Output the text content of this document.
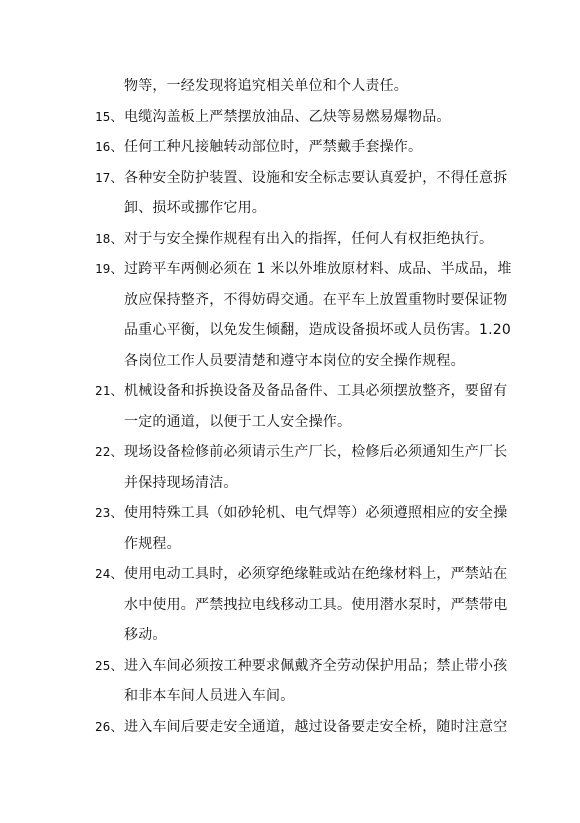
物等，一经发现将追究相关单位和个人责任。
15、 电缆沟盖板上严禁摆放油品、乙炔等易燃易爆物品。
16、 任何工种凡接触转动部位时，严禁戴手套操作。
17、 各种安全防护装置、设施和安全标志要认真爱护，不得任意拆
卸、损坏或挪作它用。
18、 对于与安全操作规程有出入的指挥，任何人有权拒绝执行。
19、 过跨平车两侧必须在 1 米以外堆放原材料、成品、半成品，堆
放应保持整齐，不得妨碍交通。在平车上放置重物时要保证物
品重心平衡，以免发生倾翻，造成设备损坏或人员伤害。1.20
各岗位工作人员要清楚和遵守本岗位的安全操作规程。
21、 机械设备和拆换设备及备品备件、工具必须摆放整齐，要留有
一定的通道，以便于工人安全操作。
22、 现场设备检修前必须请示生产厂长，检修后必须通知生产厂长
并保持现场清洁。
23、 使用特殊工具（如砂轮机、电气焊等）必须遵照相应的安全操
作规程。
24、 使用电动工具时，必须穿绝缘鞋或站在绝缘材料上，严禁站在
水中使用。严禁拽拉电线移动工具。使用潜水泵时，严禁带电
移动。
25、 进入车间必须按工种要求佩戴齐全劳动保护用品；禁止带小孩
和非本车间人员进入车间。
26、 进入车间后要走安全通道，越过设备要走安全桥，随时注意空
